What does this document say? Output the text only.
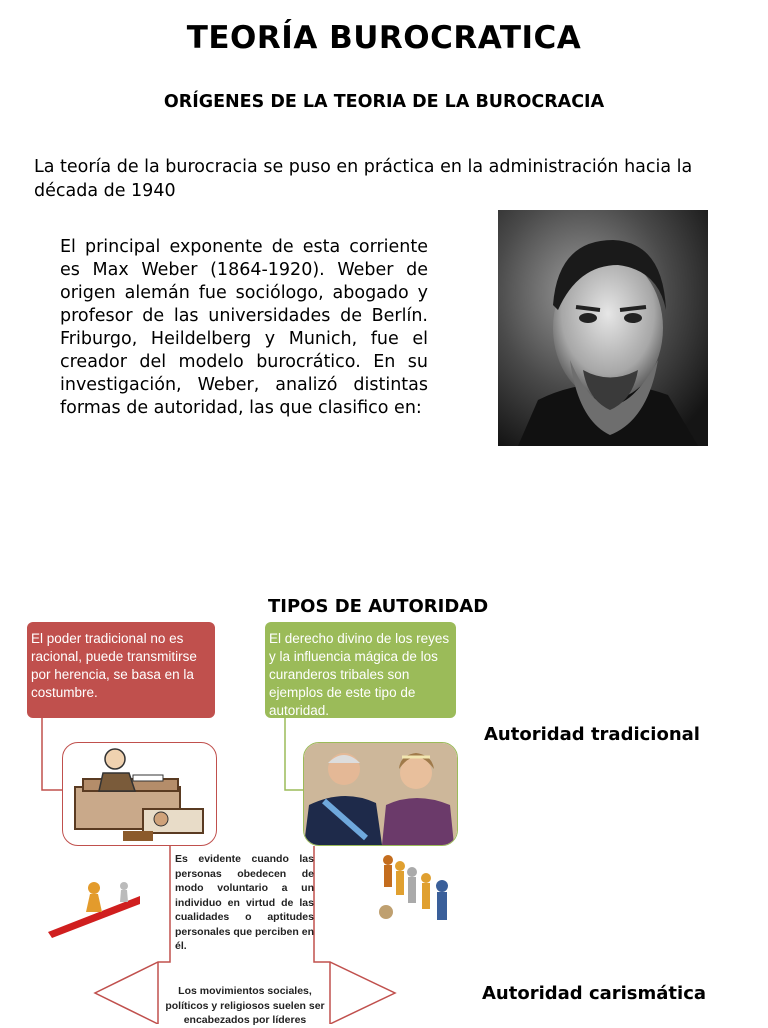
TEORÍA BUROCRATICA
ORÍGENES DE LA TEORIA DE LA BUROCRACIA
La teoría de la burocracia se puso en práctica en la administración hacia la década de 1940
El principal exponente de esta corriente es Max Weber (1864-1920). Weber de origen alemán fue sociólogo, abogado y profesor de las universidades de Berlín. Friburgo, Heildelberg y Munich, fue el creador del modelo burocrático. En su investigación, Weber, analizó distintas formas de autoridad, las que clasifico en:
TIPOS DE AUTORIDAD
El poder tradicional no es racional, puede transmitirse por herencia, se basa en la costumbre.
El derecho divino de los reyes y la influencia mágica de los curanderos tribales son ejemplos de este tipo de autoridad.
Es evidente cuando las personas obedecen de modo voluntario a un individuo en virtud de las cualidades o aptitudes personales que perciben en él.
Los movimientos sociales, políticos y religiosos suelen ser encabezados por líderes
Autoridad tradicional
Autoridad carismática
